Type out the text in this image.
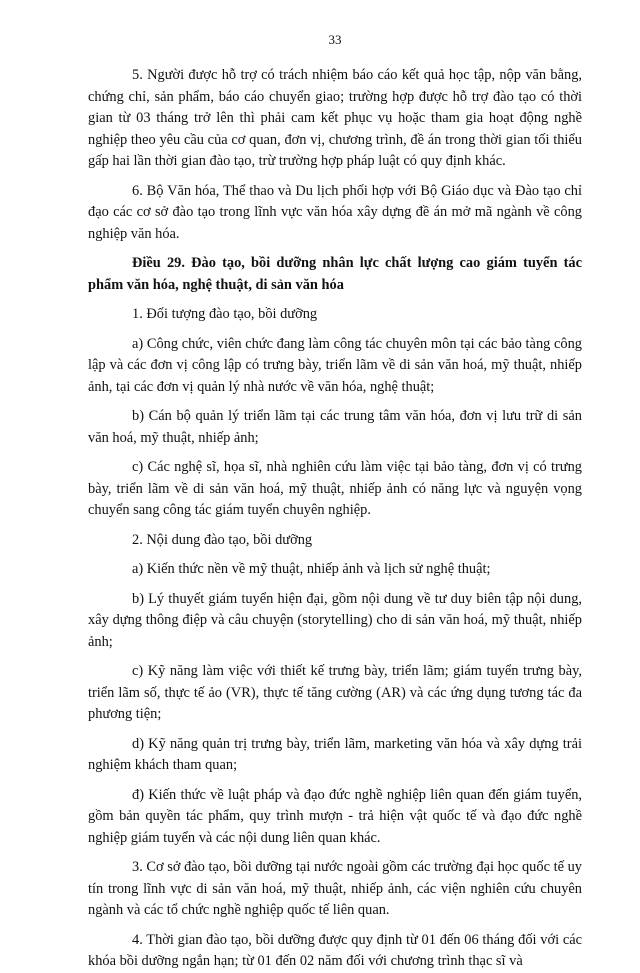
33

5. Người được hỗ trợ có trách nhiệm báo cáo kết quả học tập, nộp văn bằng, chứng chỉ, sản phẩm, báo cáo chuyển giao; trường hợp được hỗ trợ đào tạo có thời gian từ 03 tháng trở lên thì phải cam kết phục vụ hoặc tham gia hoạt động nghề nghiệp theo yêu cầu của cơ quan, đơn vị, chương trình, đề án trong thời gian tối thiểu gấp hai lần thời gian đào tạo, trừ trường hợp pháp luật có quy định khác.

6. Bộ Văn hóa, Thể thao và Du lịch phối hợp với Bộ Giáo dục và Đào tạo chỉ đạo các cơ sở đào tạo trong lĩnh vực văn hóa xây dựng đề án mở mã ngành về công nghiệp văn hóa.

Điều 29. Đào tạo, bồi dưỡng nhân lực chất lượng cao giám tuyển tác phẩm văn hóa, nghệ thuật, di sản văn hóa

1. Đối tượng đào tạo, bồi dưỡng

a) Công chức, viên chức đang làm công tác chuyên môn tại các bảo tàng công lập và các đơn vị công lập có trưng bày, triển lãm về di sản văn hoá, mỹ thuật, nhiếp ảnh, tại các đơn vị quản lý nhà nước về văn hóa, nghệ thuật;

b) Cán bộ quản lý triển lãm tại các trung tâm văn hóa, đơn vị lưu trữ di sản văn hoá, mỹ thuật, nhiếp ảnh;

c) Các nghệ sĩ, họa sĩ, nhà nghiên cứu làm việc tại bảo tàng, đơn vị có trưng bày, triển lãm về di sản văn hoá, mỹ thuật, nhiếp ảnh có năng lực và nguyện vọng chuyển sang công tác giám tuyển chuyên nghiệp.

2. Nội dung đào tạo, bồi dưỡng

a) Kiến thức nền về mỹ thuật, nhiếp ảnh và lịch sử nghệ thuật;

b) Lý thuyết giám tuyển hiện đại, gồm nội dung về tư duy biên tập nội dung, xây dựng thông điệp và câu chuyện (storytelling) cho di sản văn hoá, mỹ thuật, nhiếp ảnh;

c) Kỹ năng làm việc với thiết kế trưng bày, triển lãm; giám tuyển trưng bày, triển lãm số, thực tế ảo (VR), thực tế tăng cường (AR) và các ứng dụng tương tác đa phương tiện;

d) Kỹ năng quản trị trưng bày, triển lãm, marketing văn hóa và xây dựng trải nghiệm khách tham quan;

đ) Kiến thức về luật pháp và đạo đức nghề nghiệp liên quan đến giám tuyển, gồm bản quyền tác phẩm, quy trình mượn - trả hiện vật quốc tế và đạo đức nghề nghiệp giám tuyển và các nội dung liên quan khác.

3. Cơ sở đào tạo, bồi dưỡng tại nước ngoài gồm các trường đại học quốc tế uy tín trong lĩnh vực di sản văn hoá, mỹ thuật, nhiếp ảnh, các viện nghiên cứu chuyên ngành và các tổ chức nghề nghiệp quốc tế liên quan.

4. Thời gian đào tạo, bồi dưỡng được quy định từ 01 đến 06 tháng đối với các khóa bồi dưỡng ngắn hạn; từ 01 đến 02 năm đối với chương trình thạc sĩ và
